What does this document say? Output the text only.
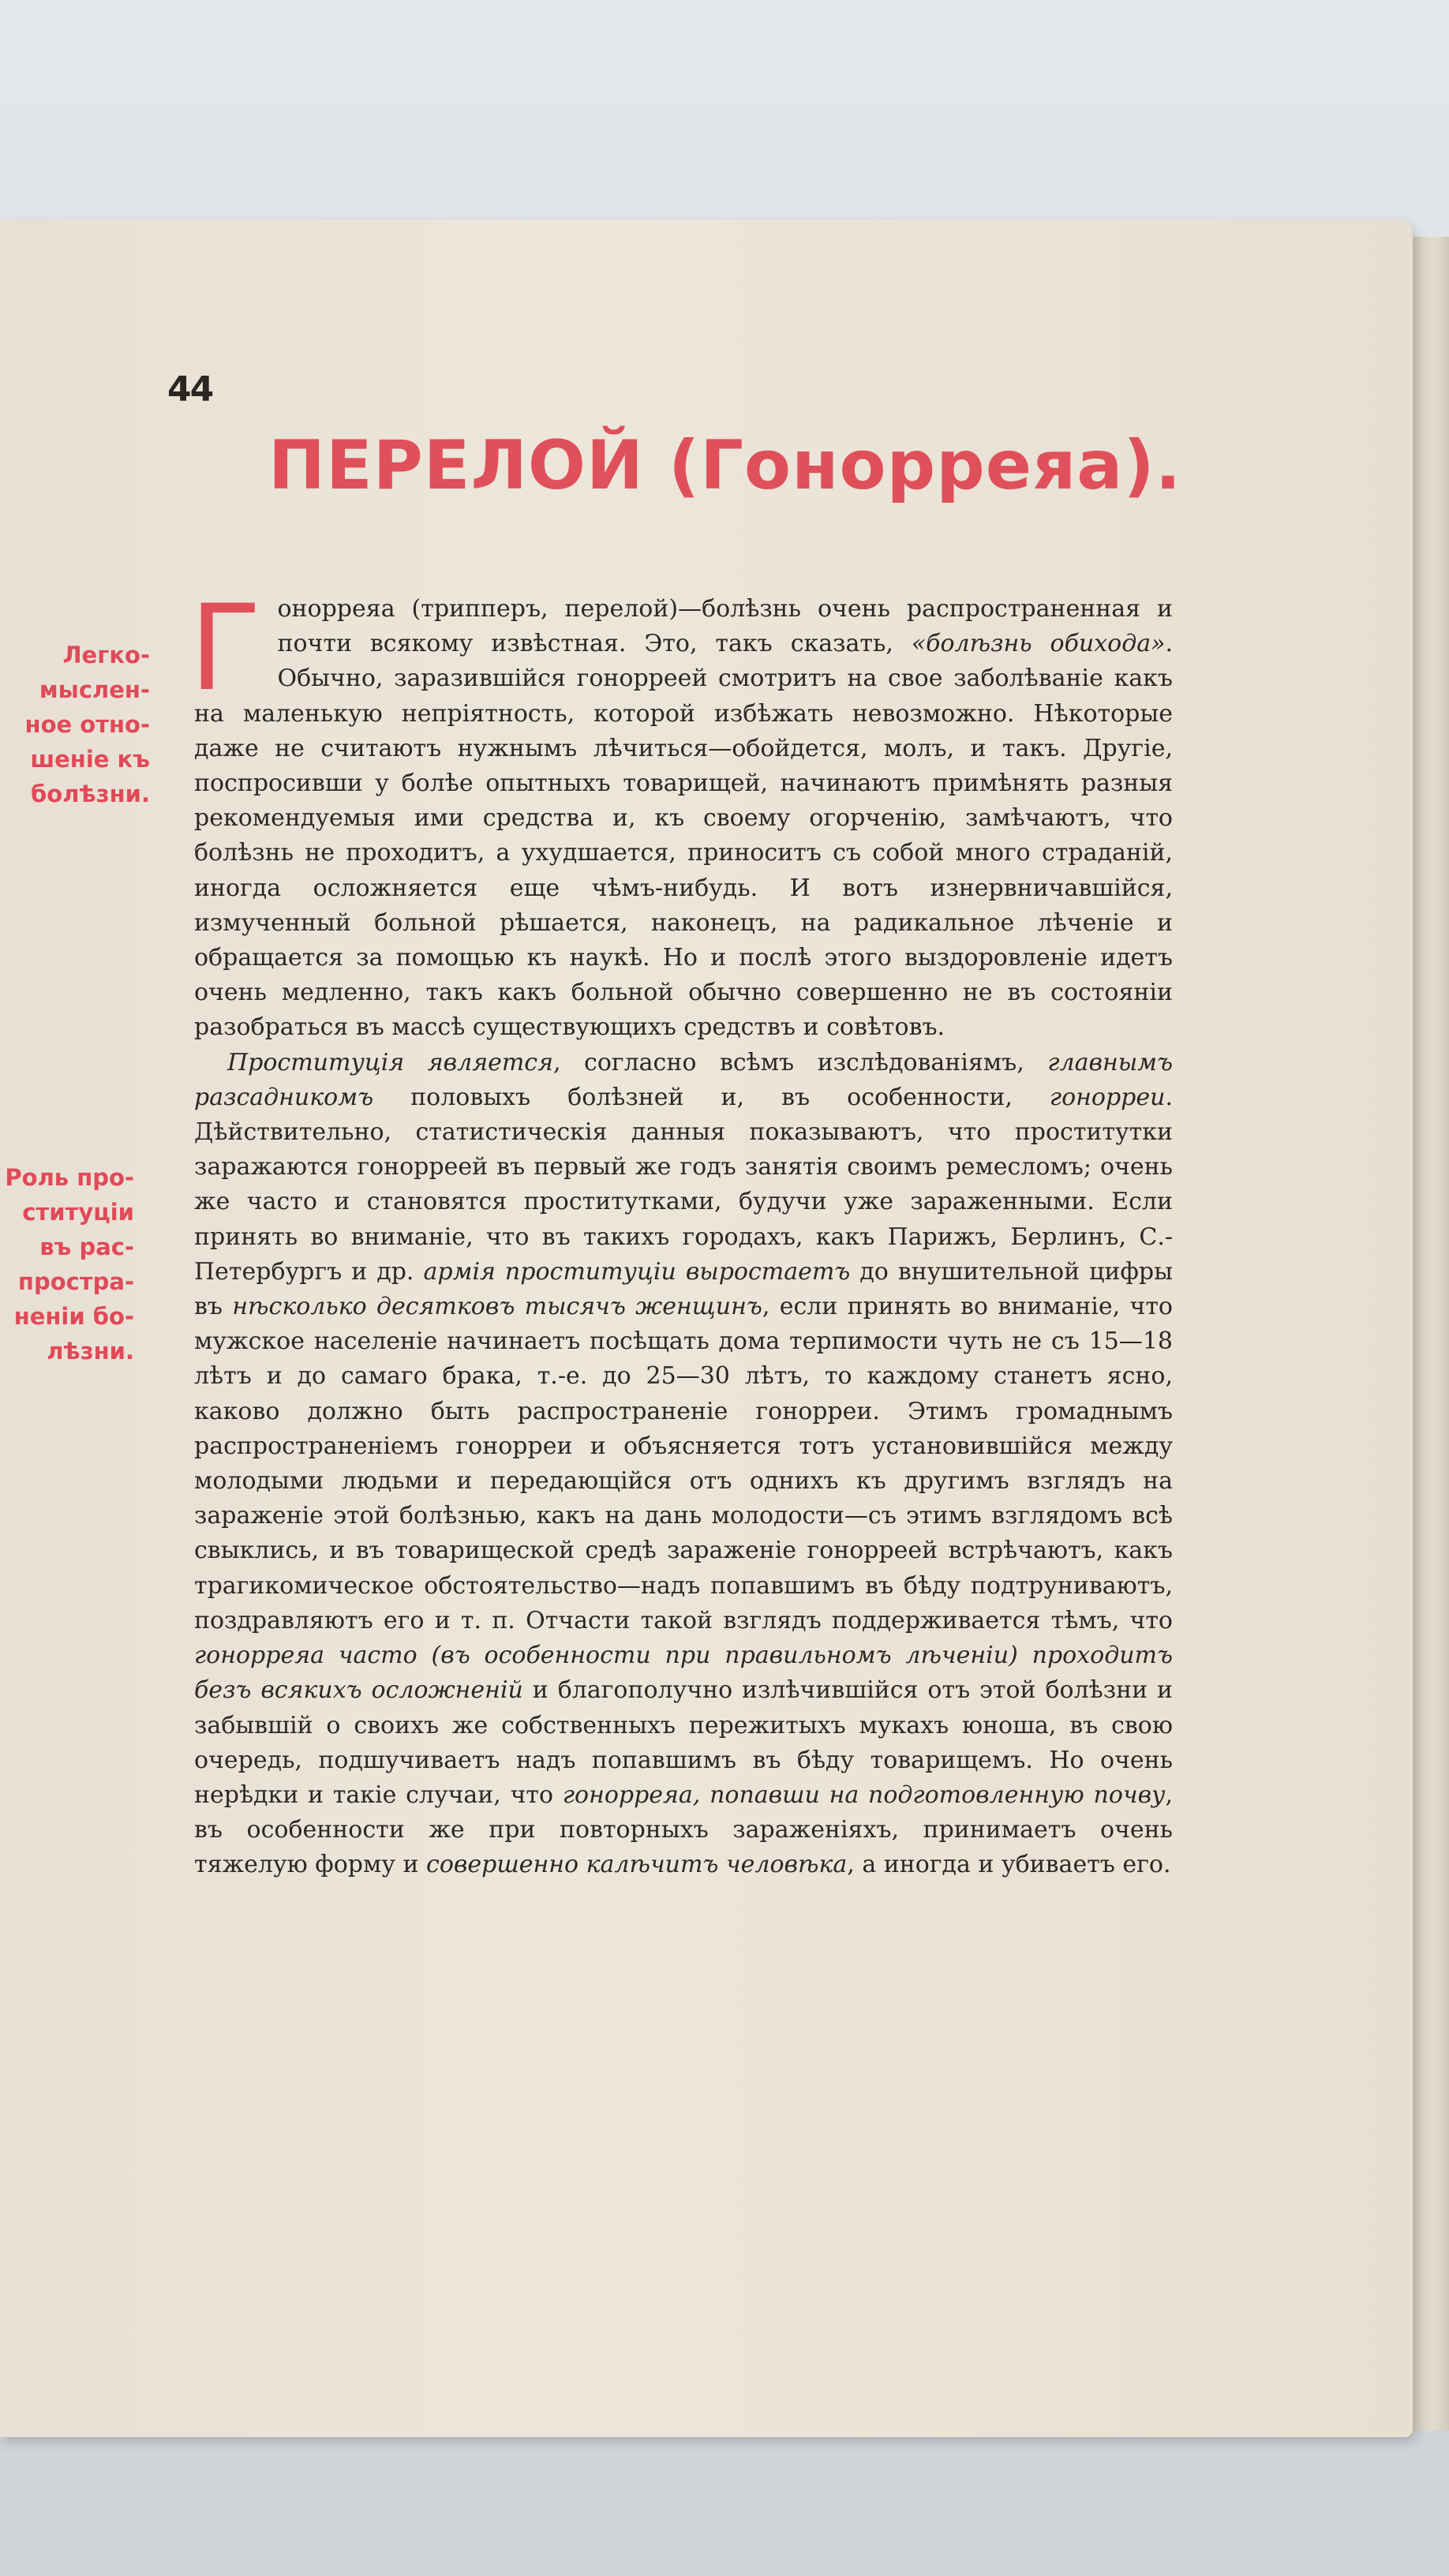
44
ПЕРЕЛОЙ (Гонорреяа).
Легко-
мыслен-
ное отно-
шеніе къ
болѣзни.
Роль про-
ституціи
въ рас-
простра-
неніи бо-
лѣзни.

Гонорреяа (трипперъ, перелой)—болѣзнь очень распространенная и почти всякому извѣстная. Это, такъ сказать, «болѣзнь обихода». Обычно, заразившійся гонорреей смотритъ на свое заболѣваніе какъ на маленькую непріятность, которой избѣжать невозможно. Нѣкоторые даже не считаютъ нужнымъ лѣчиться—обойдется, молъ, и такъ. Другіе, поспросивши у болѣе опытныхъ товарищей, начинаютъ примѣнять разныя рекомендуемыя ими средства и, къ своему огорченію, замѣчаютъ, что болѣзнь не проходитъ, а ухудшается, приноситъ съ собой много страданій, иногда осложняется еще чѣмъ-нибудь. И вотъ изнервничавшійся, измученный больной рѣшается, наконецъ, на радикальное лѣченіе и обращается за помощью къ наукѣ. Но и послѣ этого выздоровленіе идетъ очень медленно, такъ какъ больной обычно совершенно не въ состояніи разобраться въ массѣ существующихъ средствъ и совѣтовъ.

Проституція является, согласно всѣмъ изслѣдованіямъ, главнымъ разсадникомъ половыхъ болѣзней и, въ особенности, гонорреи. Дѣйствительно, статистическія данныя показываютъ, что проститутки заражаются гонорреей въ первый же годъ занятія своимъ ремесломъ; очень же часто и становятся проститутками, будучи уже зараженными. Если принять во вниманіе, что въ такихъ городахъ, какъ Парижъ, Берлинъ, С.-Петербургъ и др. армія проституціи выростаетъ до внушительной цифры въ нѣсколько десятковъ тысячъ женщинъ, если принять во вниманіе, что мужское населеніе начинаетъ посѣщать дома терпимости чуть не съ 15—18 лѣтъ и до самаго брака, т.-е. до 25—30 лѣтъ, то каждому станетъ ясно, каково должно быть распространеніе гонорреи. Этимъ громаднымъ распространеніемъ гонорреи и объясняется тотъ установившійся между молодыми людьми и передающійся отъ однихъ къ другимъ взглядъ на зараженіе этой болѣзнью, какъ на дань молодости—съ этимъ взглядомъ всѣ свыклись, и въ товарищеской средѣ зараженіе гонорреей встрѣчаютъ, какъ трагикомическое обстоятельство—надъ попавшимъ въ бѣду подтруниваютъ, поздравляютъ его и т. п. Отчасти такой взглядъ поддерживается тѣмъ, что гонорреяа часто (въ особенности при правильномъ лѣченіи) проходитъ безъ всякихъ осложненій и благополучно излѣчившійся отъ этой болѣзни и забывшій о своихъ же собственныхъ пережитыхъ мукахъ юноша, въ свою очередь, подшучиваетъ надъ попавшимъ въ бѣду товарищемъ. Но очень нерѣдки и такіе случаи, что гонорреяа, попавши на подготовленную почву, въ особенности же при повторныхъ зараженіяхъ, принимаетъ очень тяжелую форму и совершенно калѣчитъ человѣка, а иногда и убиваетъ его.
